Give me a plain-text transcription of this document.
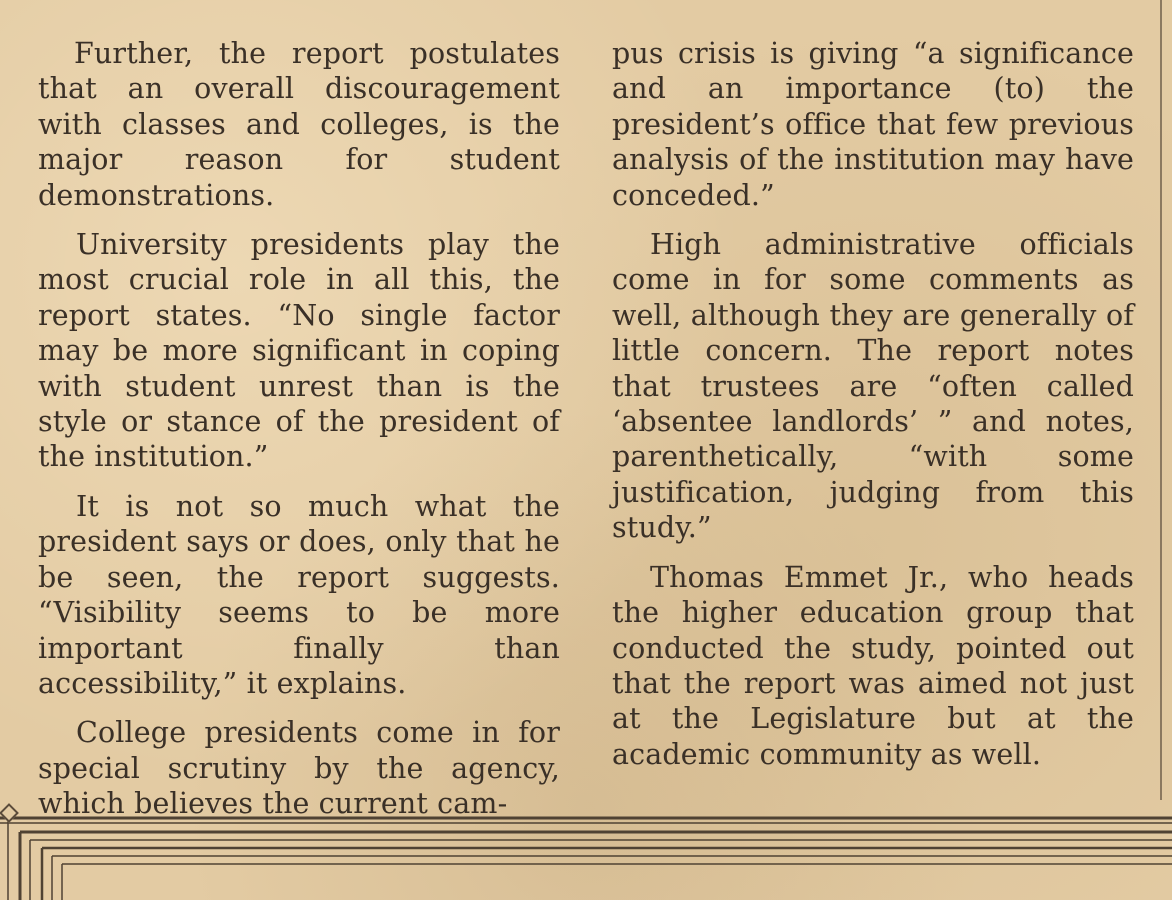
Further, the report postulates that an overall discouragement with classes and colleges, is the major reason for student demonstrations.

University presidents play the most crucial role in all this, the report states. “No single factor may be more significant in coping with student unrest than is the style or stance of the president of the institution.”

It is not so much what the president says or does, only that he be seen, the report suggests. “Visibility seems to be more important finally than accessibility,” it explains.

College presidents come in for special scrutiny by the agency, which believes the current cam-

pus crisis is giving “a significance and an importance (to) the president’s office that few previous analysis of the institution may have conceded.”

High administrative officials come in for some comments as well, although they are generally of little concern. The report notes that trustees are “often called ‘absentee landlords’ ” and notes, parenthetically, “with some justification, judging from this study.”

Thomas Emmet Jr., who heads the higher education group that conducted the study, pointed out that the report was aimed not just at the Legislature but at the academic community as well.
